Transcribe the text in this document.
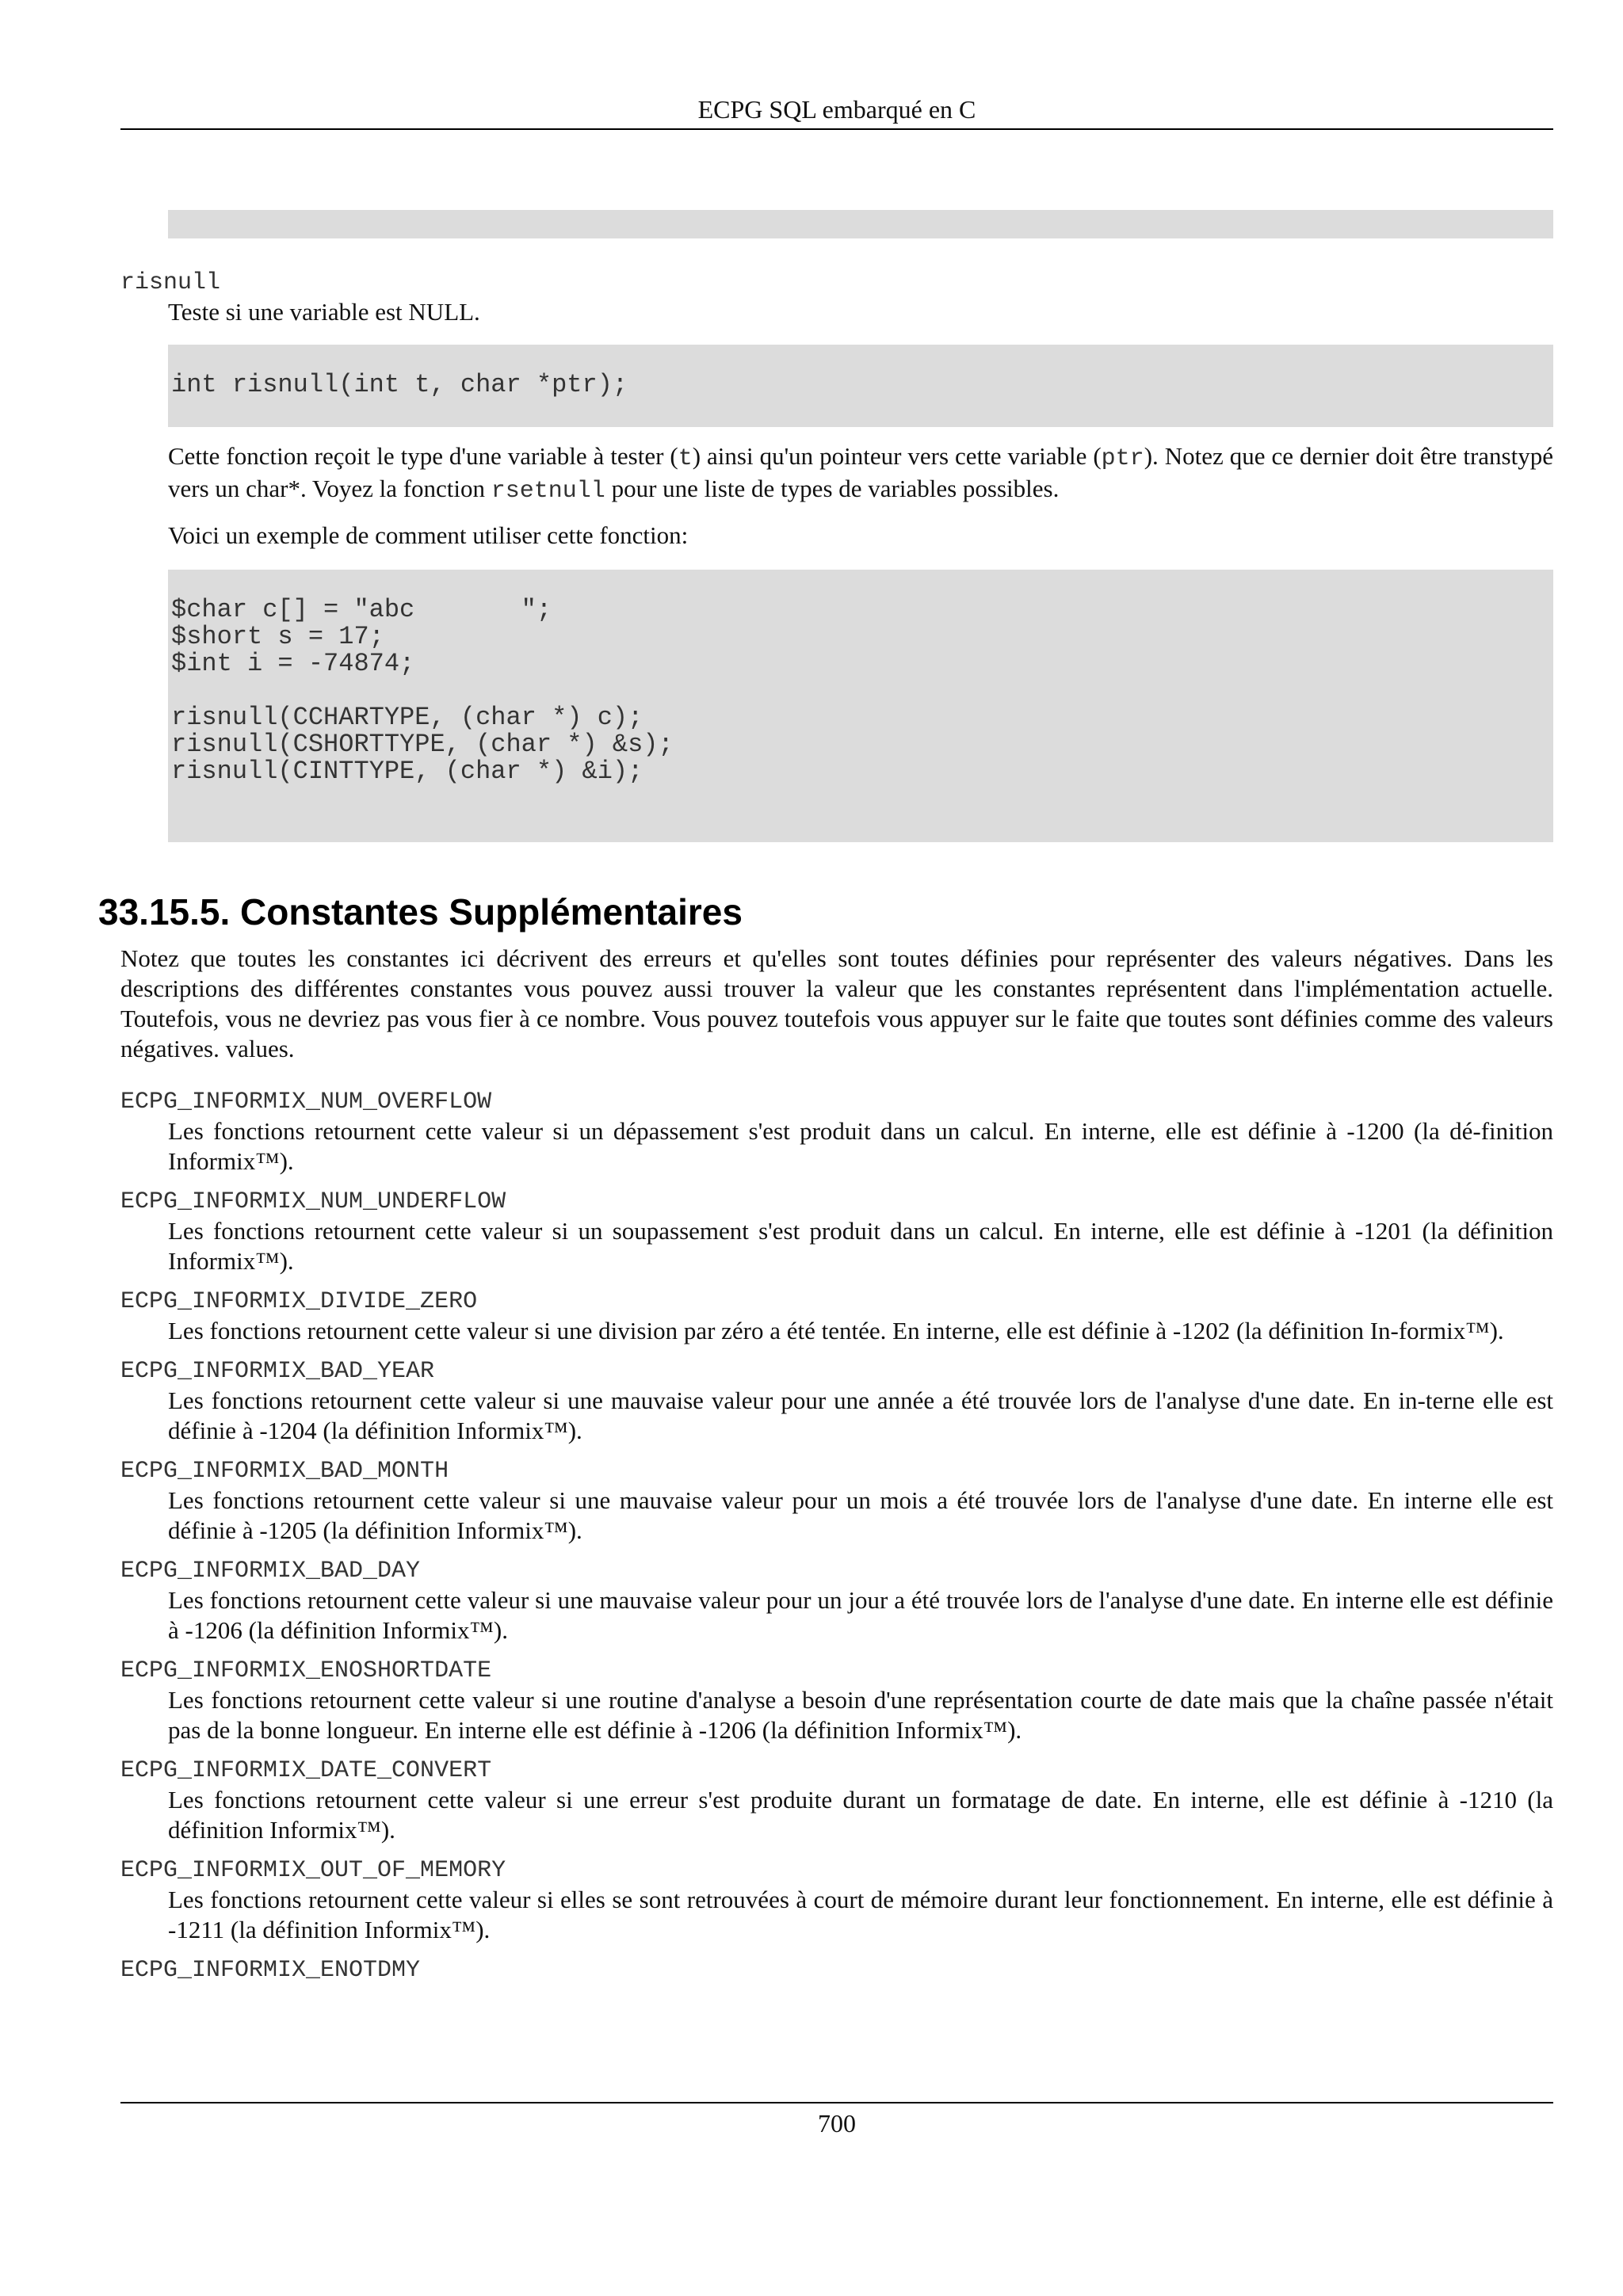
ECPG SQL embarqué en C
risnull
Teste si une variable est NULL.
int risnull(int t, char *ptr);
Cette fonction reçoit le type d'une variable à tester (t) ainsi qu'un pointeur vers cette variable (ptr). Notez que ce dernier doit être transtypé vers un char*. Voyez la fonction rsetnull pour une liste de types de variables possibles.
Voici un exemple de comment utiliser cette fonction:
$char c[] = "abc       ";
$short s = 17;
$int i = -74874;

risnull(CCHARTYPE, (char *) c);
risnull(CSHORTTYPE, (char *) &s);
risnull(CINTTYPE, (char *) &i);
33.15.5. Constantes Supplémentaires
Notez que toutes les constantes ici décrivent des erreurs et qu'elles sont toutes définies pour représenter des valeurs négatives. Dans les descriptions des différentes constantes vous pouvez aussi trouver la valeur que les constantes représentent dans l'implémentation actuelle. Toutefois, vous ne devriez pas vous fier à ce nombre. Vous pouvez toutefois vous appuyer sur le faite que toutes sont définies comme des valeurs négatives. values.
ECPG_INFORMIX_NUM_OVERFLOW
Les fonctions retournent cette valeur si un dépassement s'est produit dans un calcul. En interne, elle est définie à -1200 (la dé-finition Informix™).
ECPG_INFORMIX_NUM_UNDERFLOW
Les fonctions retournent cette valeur si un soupassement s'est produit dans un calcul. En interne, elle est définie à -1201 (la définition Informix™).
ECPG_INFORMIX_DIVIDE_ZERO
Les fonctions retournent cette valeur si une division par zéro a été tentée. En interne, elle est définie à -1202 (la définition In-formix™).
ECPG_INFORMIX_BAD_YEAR
Les fonctions retournent cette valeur si une mauvaise valeur pour une année a été trouvée lors de l'analyse d'une date. En in-terne elle est définie à -1204 (la définition Informix™).
ECPG_INFORMIX_BAD_MONTH
Les fonctions retournent cette valeur si une mauvaise valeur pour un mois a été trouvée lors de l'analyse d'une date. En interne elle est définie à -1205 (la définition Informix™).
ECPG_INFORMIX_BAD_DAY
Les fonctions retournent cette valeur si une mauvaise valeur pour un jour a été trouvée lors de l'analyse d'une date. En interne elle est définie à -1206 (la définition Informix™).
ECPG_INFORMIX_ENOSHORTDATE
Les fonctions retournent cette valeur si une routine d'analyse a besoin d'une représentation courte de date mais que la chaîne passée n'était pas de la bonne longueur. En interne elle est définie à -1206 (la définition Informix™).
ECPG_INFORMIX_DATE_CONVERT
Les fonctions retournent cette valeur si une erreur s'est produite durant un formatage de date. En interne, elle est définie à -1210 (la définition Informix™).
ECPG_INFORMIX_OUT_OF_MEMORY
Les fonctions retournent cette valeur si elles se sont retrouvées à court de mémoire durant leur fonctionnement. En interne, elle est définie à -1211 (la définition Informix™).
ECPG_INFORMIX_ENOTDMY
700
